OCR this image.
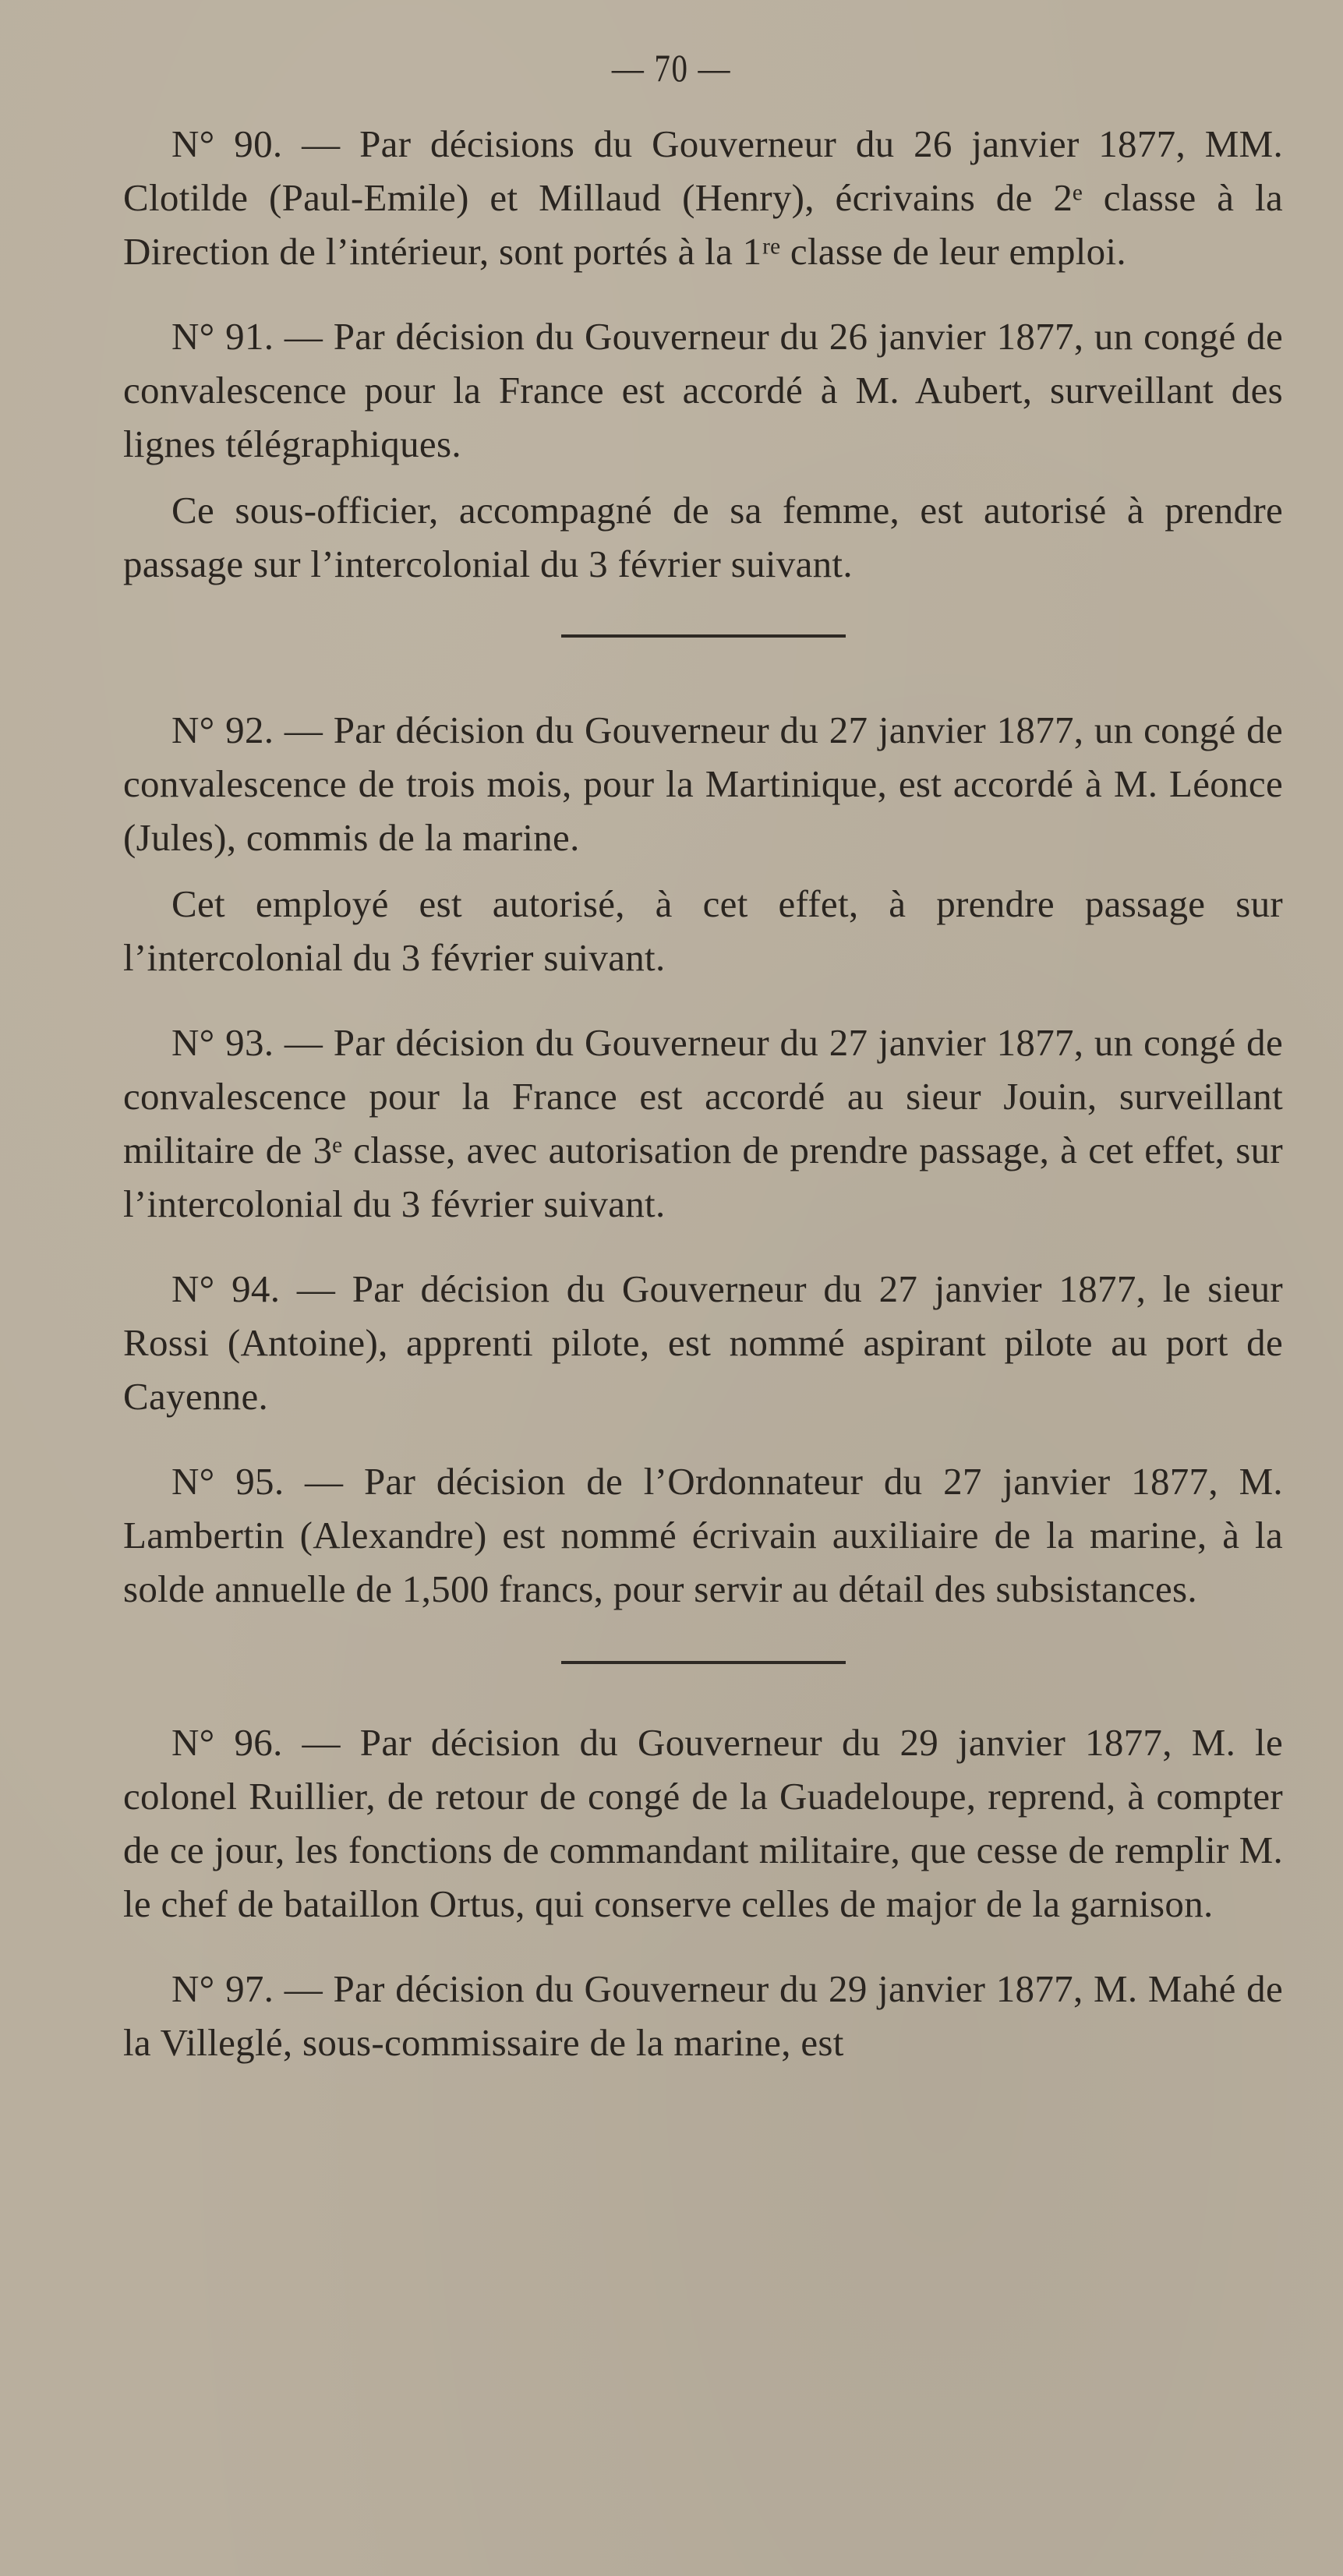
— 70 —

N° 90. — Par décisions du Gouverneur du 26 janvier 1877, MM. Clotilde (Paul-Emile) et Millaud (Henry), écrivains de 2ᵉ classe à la Direction de l’intérieur, sont portés à la 1ʳᵉ classe de leur emploi.

N° 91. — Par décision du Gouverneur du 26 janvier 1877, un congé de convalescence pour la France est accordé à M. Aubert, surveillant des lignes télégraphiques.

Ce sous-officier, accompagné de sa femme, est autorisé à prendre passage sur l’intercolonial du 3 février suivant.

N° 92. — Par décision du Gouverneur du 27 janvier 1877, un congé de convalescence de trois mois, pour la Martinique, est accordé à M. Léonce (Jules), commis de la marine.

Cet employé est autorisé, à cet effet, à prendre passage sur l’intercolonial du 3 février suivant.

N° 93. — Par décision du Gouverneur du 27 janvier 1877, un congé de convalescence pour la France est accordé au sieur Jouin, surveillant militaire de 3ᵉ classe, avec autorisation de prendre passage, à cet effet, sur l’intercolonial du 3 février suivant.

N° 94. — Par décision du Gouverneur du 27 janvier 1877, le sieur Rossi (Antoine), apprenti pilote, est nommé aspirant pilote au port de Cayenne.

N° 95. — Par décision de l’Ordonnateur du 27 janvier 1877, M. Lambertin (Alexandre) est nommé écrivain auxiliaire de la marine, à la solde annuelle de 1,500 francs, pour servir au détail des subsistances.

N° 96. — Par décision du Gouverneur du 29 janvier 1877, M. le colonel Ruillier, de retour de congé de la Guadeloupe, reprend, à compter de ce jour, les fonctions de commandant militaire, que cesse de remplir M. le chef de bataillon Ortus, qui conserve celles de major de la garnison.

N° 97. — Par décision du Gouverneur du 29 janvier 1877, M. Mahé de la Villeglé, sous-commissaire de la marine, est
